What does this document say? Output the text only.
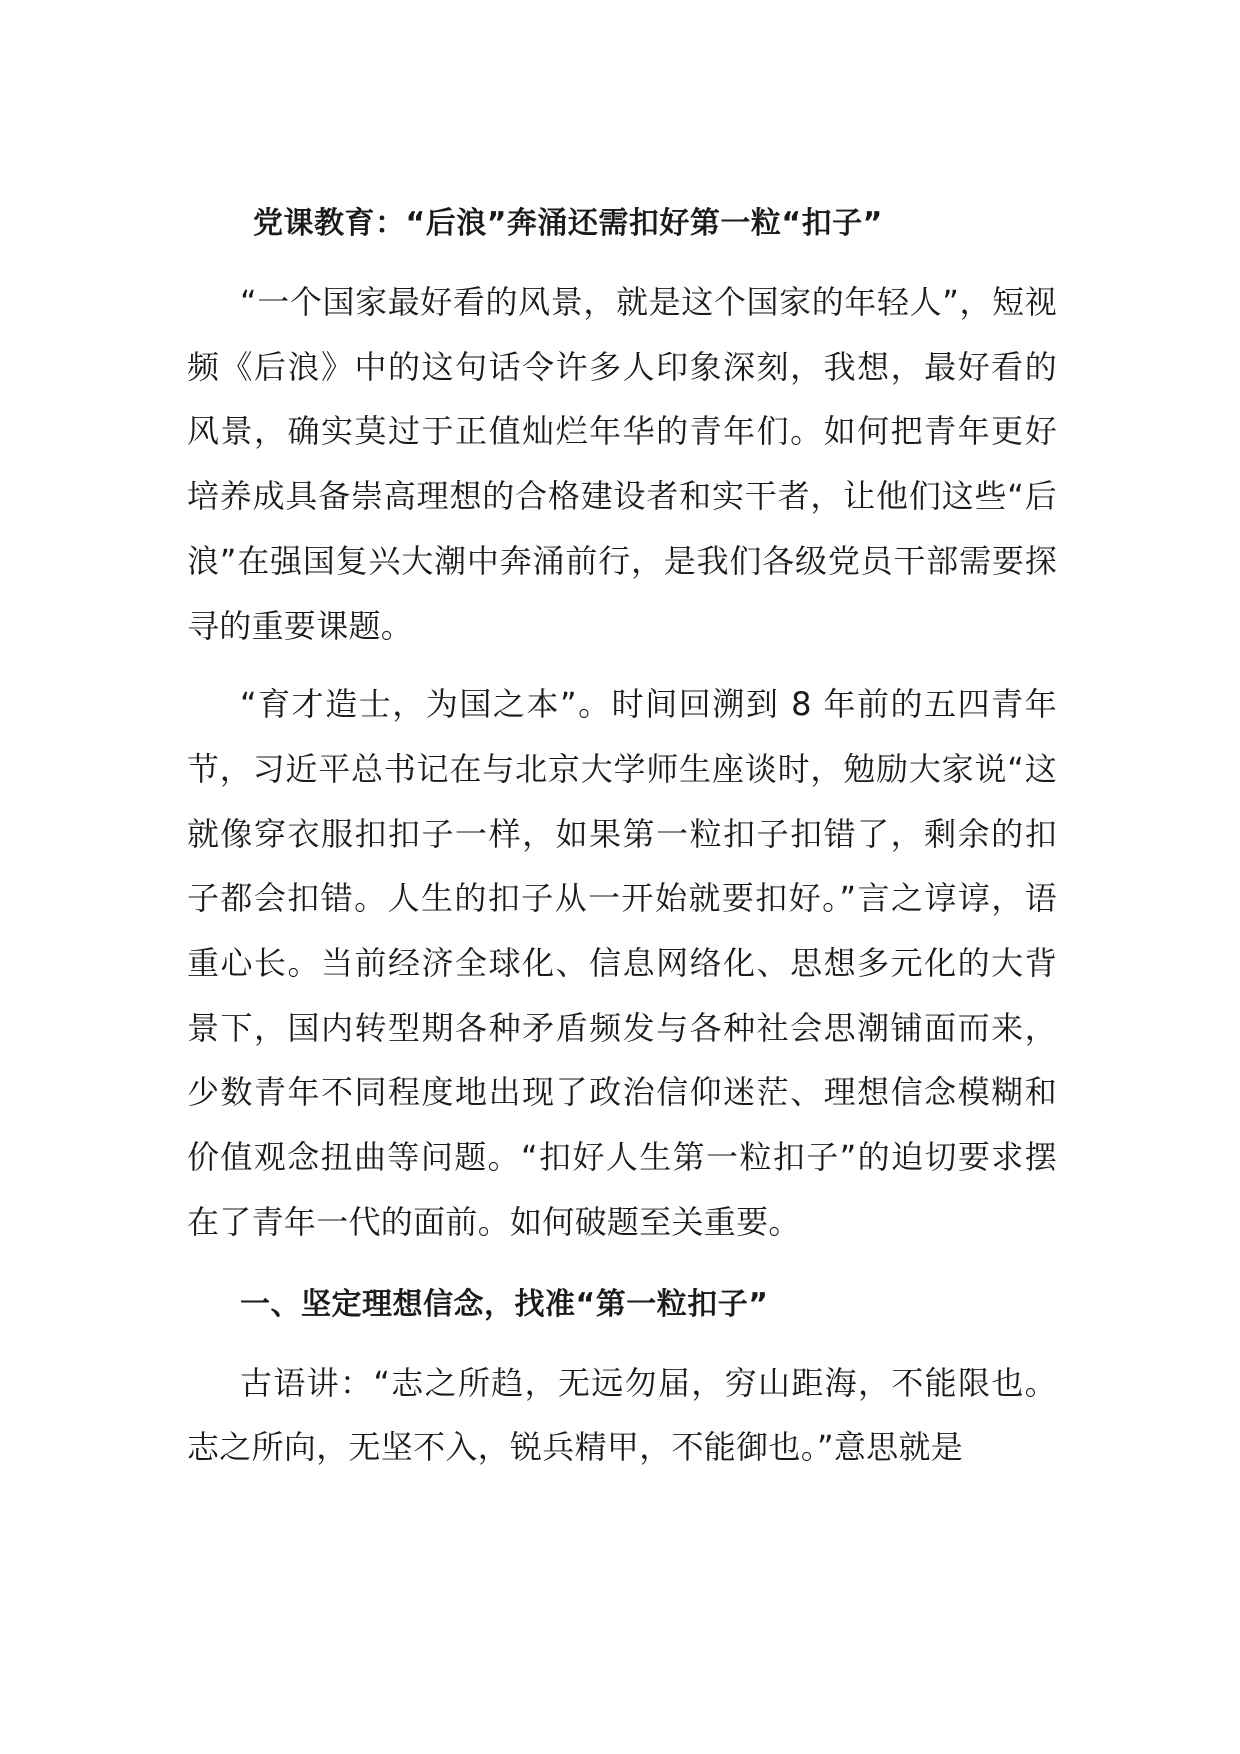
党课教育：“后浪”奔涌还需扣好第一粒“扣子”

“一个国家最好看的风景，就是这个国家的年轻人”，短视频《后浪》中的这句话令许多人印象深刻，我想，最好看的风景，确实莫过于正值灿烂年华的青年们。如何把青年更好培养成具备崇高理想的合格建设者和实干者，让他们这些“后浪”在强国复兴大潮中奔涌前行，是我们各级党员干部需要探寻的重要课题。

“育才造士，为国之本”。时间回溯到 8 年前的五四青年节，习近平总书记在与北京大学师生座谈时，勉励大家说“这就像穿衣服扣扣子一样，如果第一粒扣子扣错了，剩余的扣子都会扣错。人生的扣子从一开始就要扣好。”言之谆谆，语重心长。当前经济全球化、信息网络化、思想多元化的大背景下，国内转型期各种矛盾频发与各种社会思潮铺面而来，少数青年不同程度地出现了政治信仰迷茫、理想信念模糊和价值观念扭曲等问题。“扣好人生第一粒扣子”的迫切要求摆在了青年一代的面前。如何破题至关重要。

一、坚定理想信念，找准“第一粒扣子”

古语讲：“志之所趋，无远勿届，穷山距海，不能限也。志之所向，无坚不入，锐兵精甲，不能御也。”意思就是
